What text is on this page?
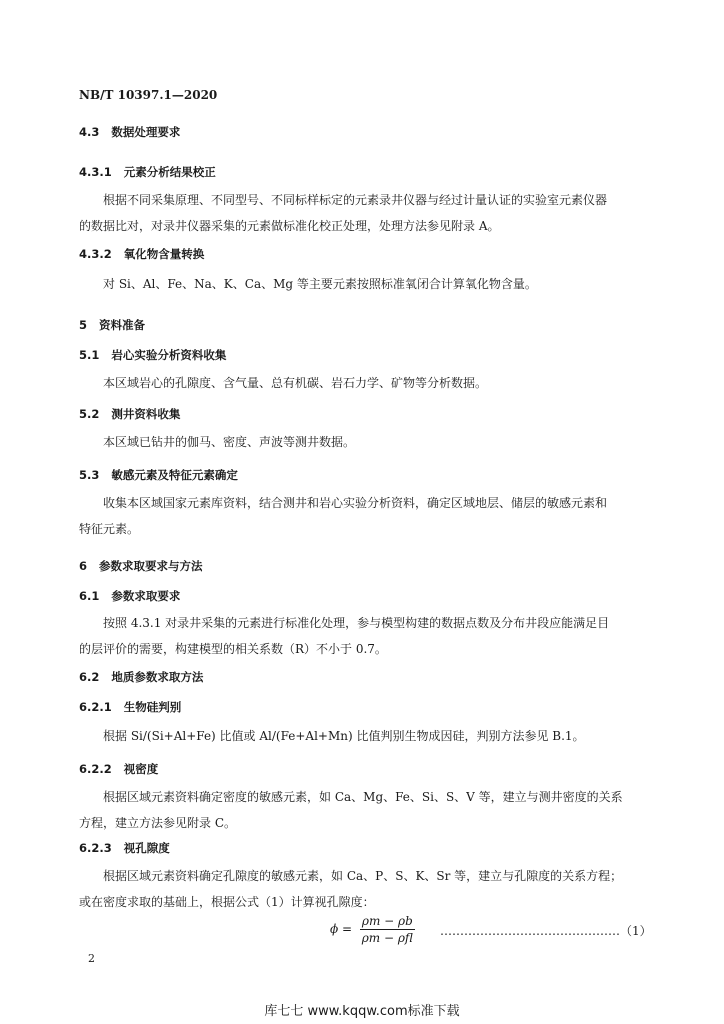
NB/T 10397.1—2020
4.3 数据处理要求
4.3.1 元素分析结果校正
根据不同采集原理、不同型号、不同标样标定的元素录井仪器与经过计量认证的实验室元素仪器
的数据比对，对录井仪器采集的元素做标准化校正处理，处理方法参见附录 A。
4.3.2 氧化物含量转换
对 Si、Al、Fe、Na、K、Ca、Mg 等主要元素按照标准氧闭合计算氧化物含量。
5 资料准备
5.1 岩心实验分析资料收集
本区域岩心的孔隙度、含气量、总有机碳、岩石力学、矿物等分析数据。
5.2 测井资料收集
本区域已钻井的伽马、密度、声波等测井数据。
5.3 敏感元素及特征元素确定
收集本区域国家元素库资料，结合测井和岩心实验分析资料，确定区域地层、储层的敏感元素和
特征元素。
6 参数求取要求与方法
6.1 参数求取要求
按照 4.3.1 对录井采集的元素进行标准化处理，参与模型构建的数据点数及分布井段应能满足目
的层评价的需要，构建模型的相关系数（R）不小于 0.7。
6.2 地质参数求取方法
6.2.1 生物硅判别
根据 Si/(Si+Al+Fe) 比值或 Al/(Fe+Al+Mn) 比值判别生物成因硅，判别方法参见 B.1。
6.2.2 视密度
根据区域元素资料确定密度的敏感元素，如 Ca、Mg、Fe、Si、S、V 等，建立与测井密度的关系
方程，建立方法参见附录 C。
6.2.3 视孔隙度
根据区域元素资料确定孔隙度的敏感元素，如 Ca、P、S、K、Sr 等，建立与孔隙度的关系方程；
或在密度求取的基础上，根据公式（1）计算视孔隙度：
$\phi = \frac{\rho m - \rho b}{\text{ρm − ρfl}}$ ………………………………………（1）
2
库七七 www.kqqw.com标准下载
